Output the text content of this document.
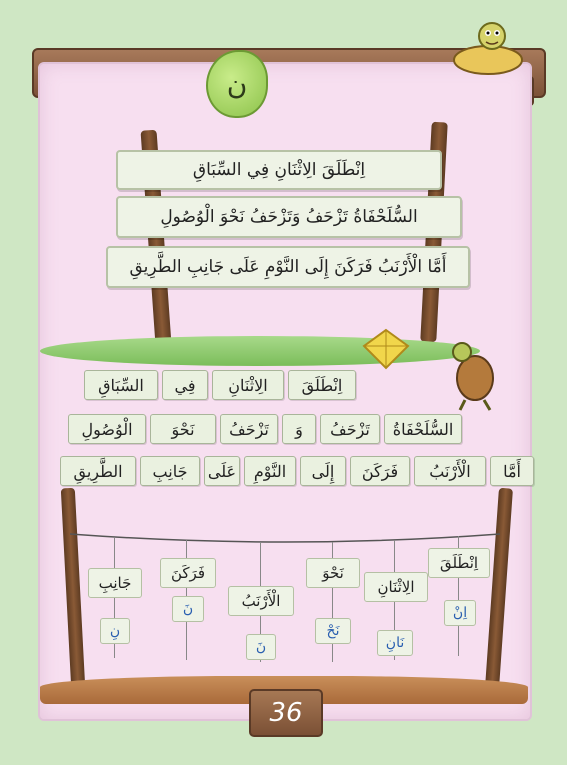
ن
اِنْطَلَقَ الِاثْنَانِ فِي السِّبَاقِ
السُّلَحْفَاةُ تَزْحَفُ وَتَزْحَفُ نَحْوَ الْوُصُولِ
أَمَّا الْأَرْنَبُ فَرَكَنَ إِلَى النَّوْمِ عَلَى جَانِبِ الطَّرِيقِ
اِنْطَلَقَ
الِاثْنَانِ
فِي
السِّبَاقِ
السُّلَحْفَاةُ
تَزْحَفُ
وَ
تَزْحَفُ
نَحْوَ
الْوُصُولِ
أَمَّا
الْأَرْنَبُ
فَرَكَنَ
إِلَى
النَّوْمِ
عَلَى
جَانِبِ
الطَّرِيقِ
اِنْطَلَقَ
اِنْ
الِاثْنَانِ
نَانِ
نَحْوَ
نَحْ
الْأَرْنَبُ
نَ
فَرَكَنَ
نَ
جَانِبِ
نِ
36
